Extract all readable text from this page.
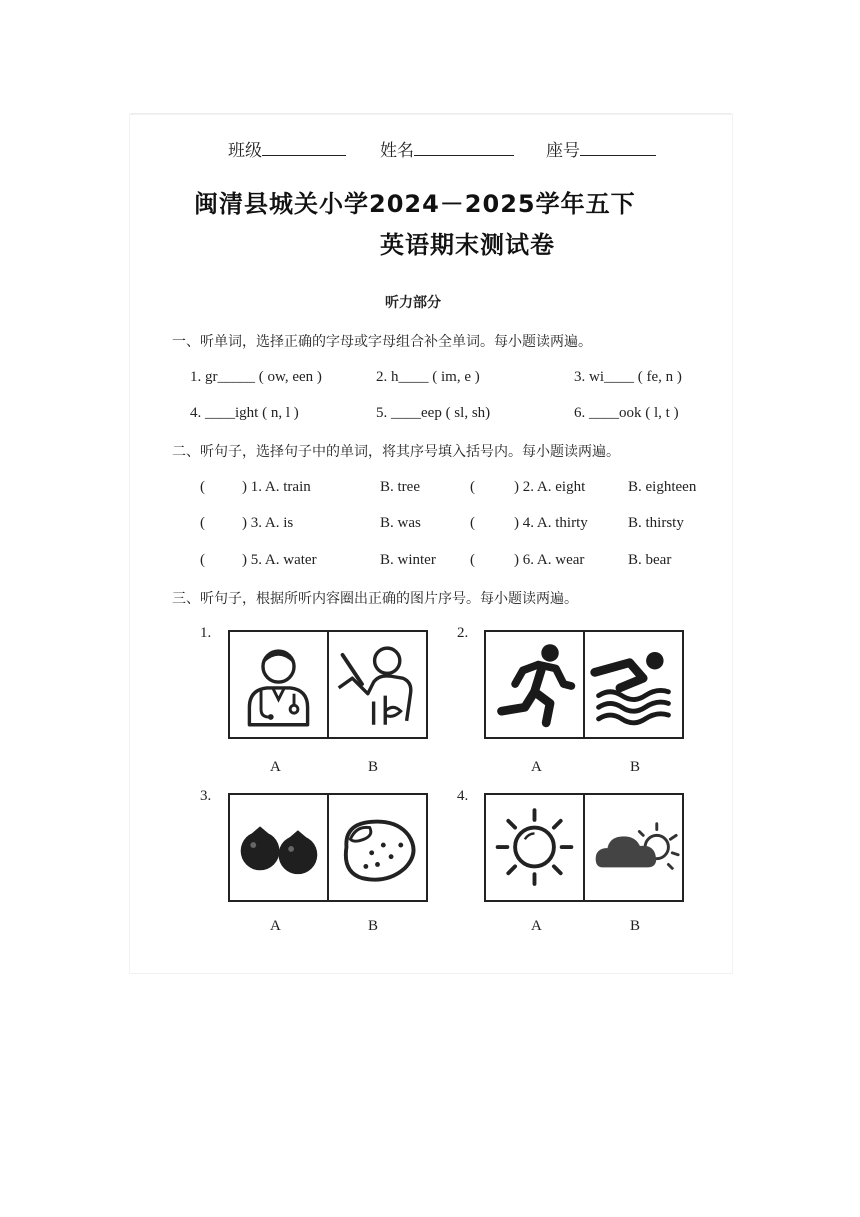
班级	姓名	座号
闽清县城关小学2024－2025学年五下
英语期末测试卷
听力部分
一、听单词，选择正确的字母或字母组合补全单词。每小题读两遍。
1. gr_____ ( ow, een )	2. h____ ( im, e )	3. wi____ ( fe, n )
4. ____ight ( n, l )	5. ____eep ( sl, sh)	6. ____ook ( l, t )
二、听句子，选择句子中的单词，将其序号填入括号内。每小题读两遍。
( ) 1. A. train	B. tree	(	) 2. A. eight	B. eighteen
( ) 3. A. is	B. was	(	) 4. A. thirty	B. thirsty
( ) 5. A. water	B. winter (	) 6. A. wear	B. bear
三、听句子，根据所听内容圈出正确的图片序号。每小题读两遍。
1.
A	B
2.
A	B
3.
A	B
4.
A	B
